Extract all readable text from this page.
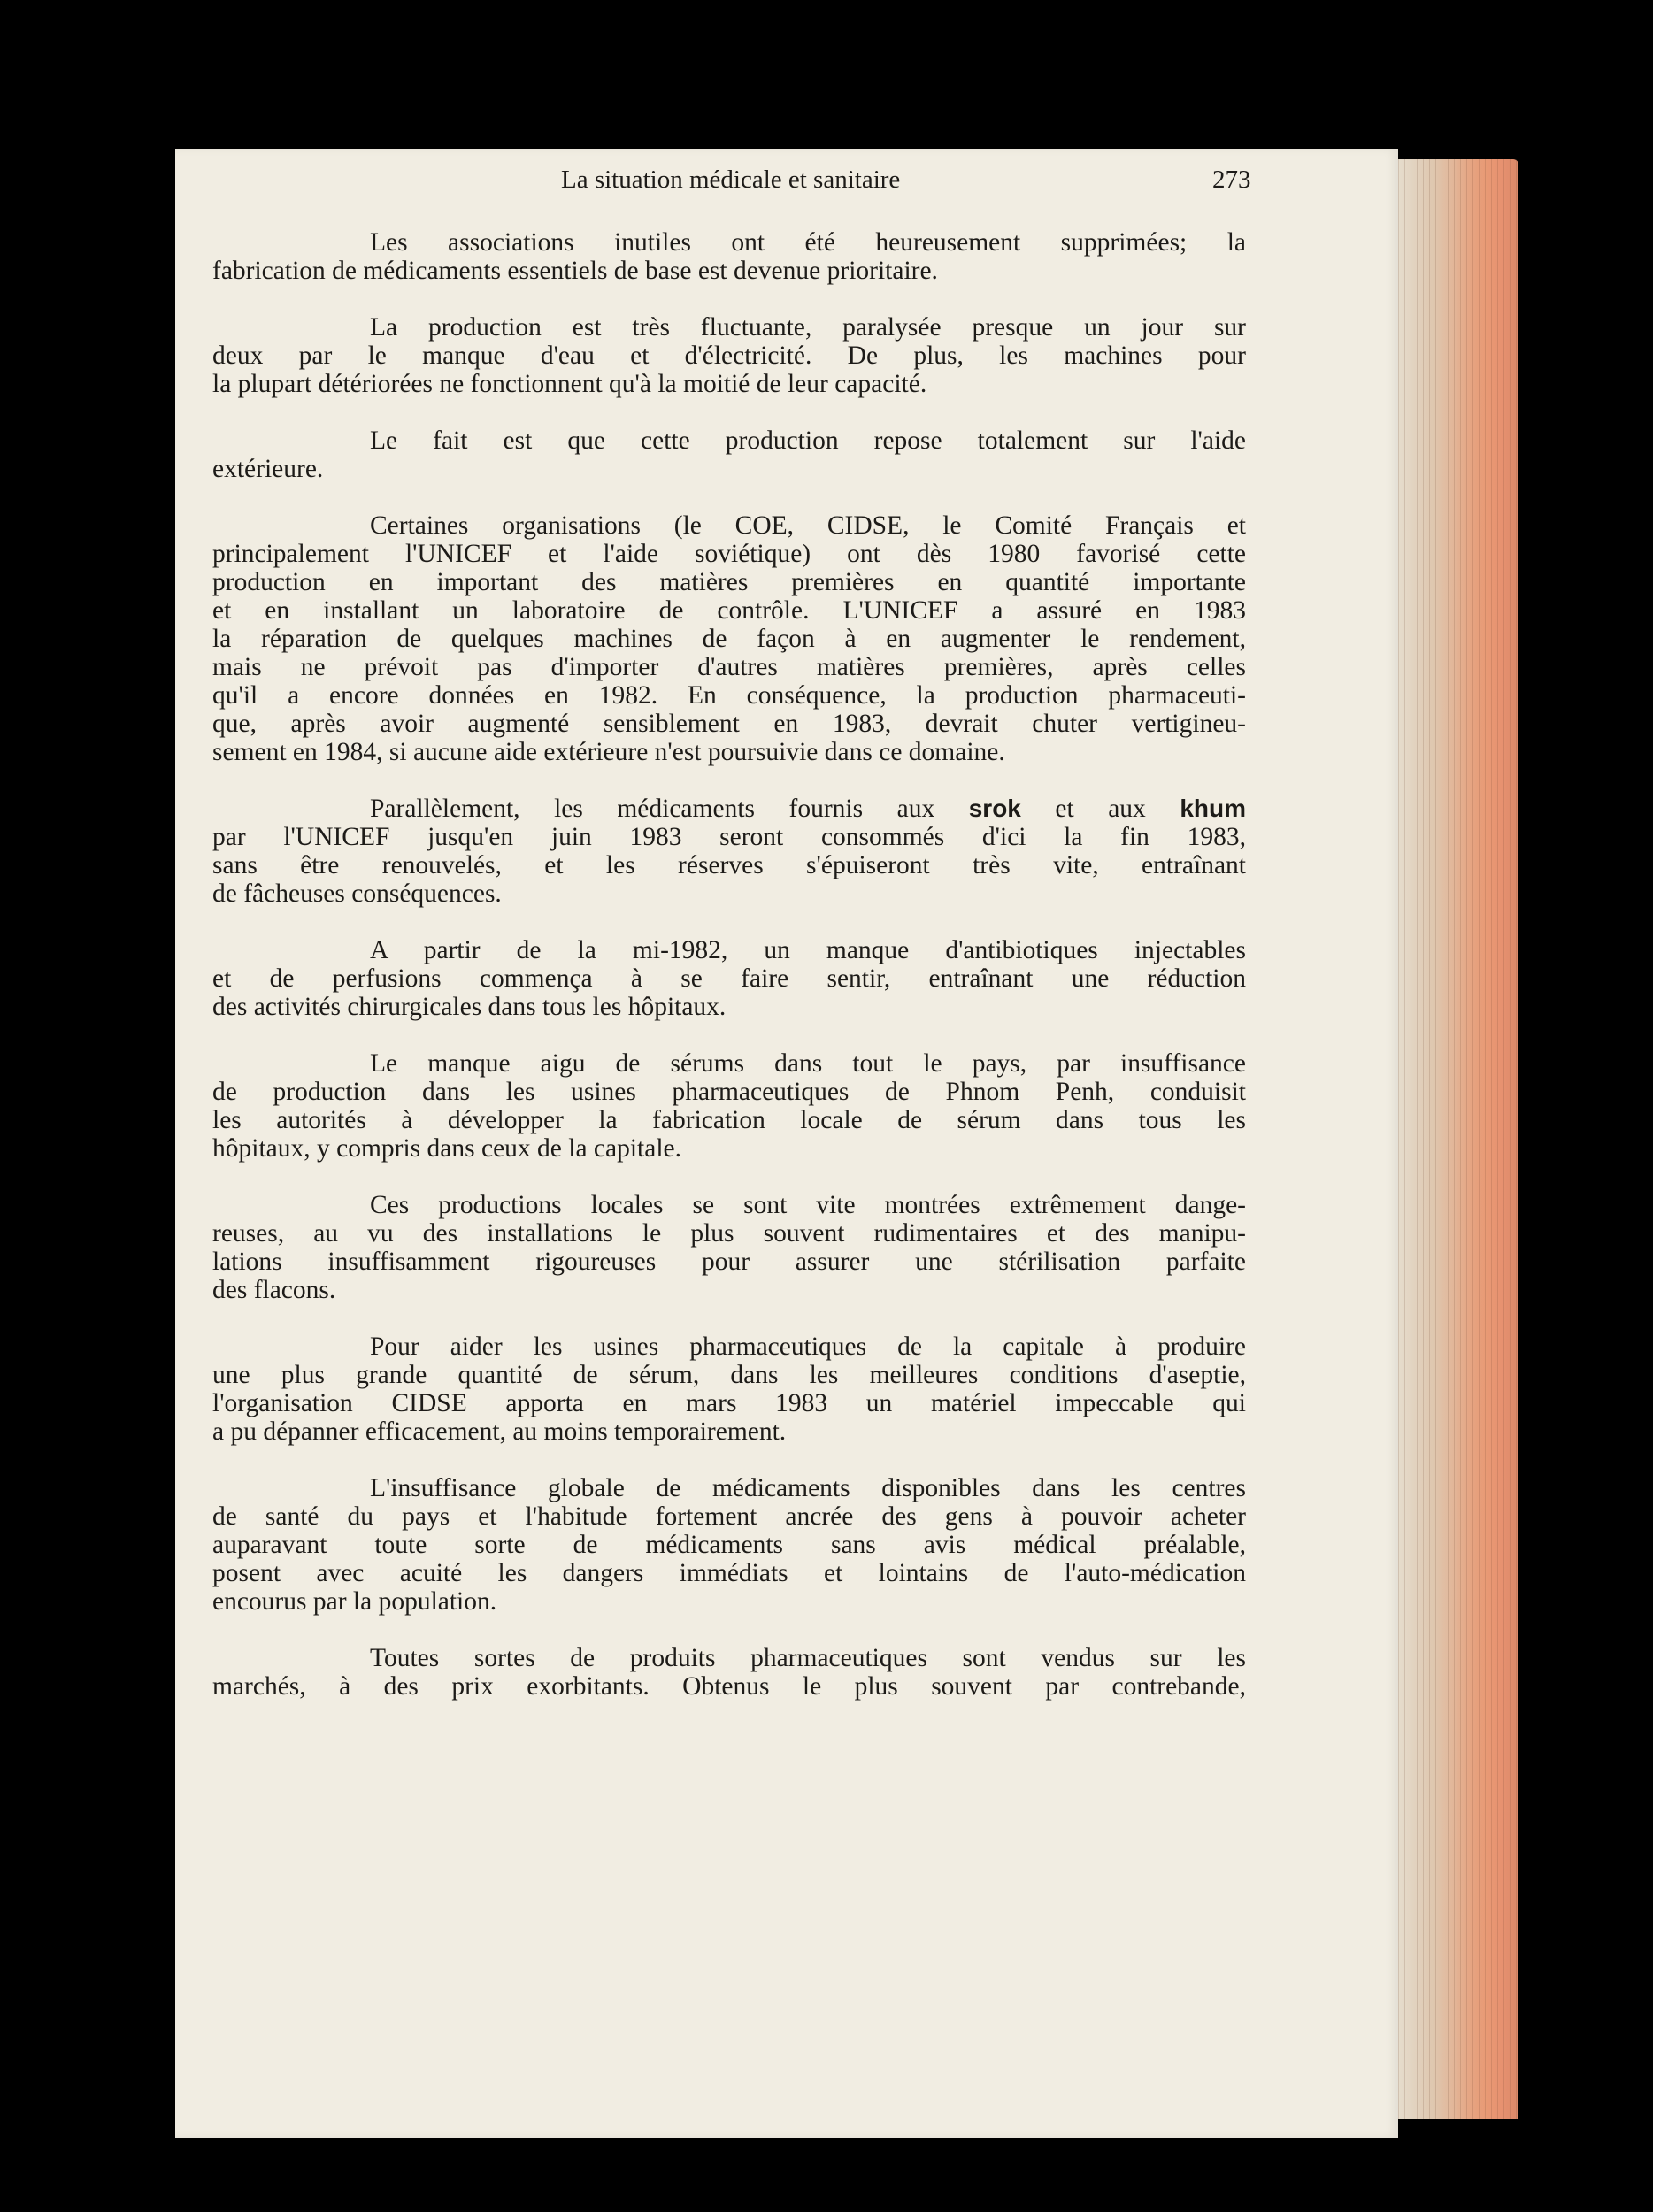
La situation médicale et sanitaire	273
Les associations inutiles ont été heureusement supprimées; la
fabrication de médicaments essentiels de base est devenue prioritaire.
La production est très fluctuante, paralysée presque un jour sur
deux par le manque d'eau et d'électricité. De plus, les machines pour
la plupart détériorées ne fonctionnent qu'à la moitié de leur capacité.
Le fait est que cette production repose totalement sur l'aide
extérieure.
Certaines organisations (le COE, CIDSE, le Comité Français et
principalement l'UNICEF et l'aide soviétique) ont dès 1980 favorisé cette
production en important des matières premières en quantité importante
et en installant un laboratoire de contrôle. L'UNICEF a assuré en 1983
la réparation de quelques machines de façon à en augmenter le rendement,
mais ne prévoit pas d'importer d'autres matières premières, après celles
qu'il a encore données en 1982. En conséquence, la production pharmaceuti-
que, après avoir augmenté sensiblement en 1983, devrait chuter vertigineu-
sement en 1984, si aucune aide extérieure n'est poursuivie dans ce domaine.
Parallèlement, les médicaments fournis aux srok et aux khum
par l'UNICEF jusqu'en juin 1983 seront consommés d'ici la fin 1983,
sans être renouvelés, et les réserves s'épuiseront très vite, entraînant
de fâcheuses conséquences.
A partir de la mi-1982, un manque d'antibiotiques injectables
et de perfusions commença à se faire sentir, entraînant une réduction
des activités chirurgicales dans tous les hôpitaux.
Le manque aigu de sérums dans tout le pays, par insuffisance
de production dans les usines pharmaceutiques de Phnom Penh, conduisit
les autorités à développer la fabrication locale de sérum dans tous les
hôpitaux, y compris dans ceux de la capitale.
Ces productions locales se sont vite montrées extrêmement dange-
reuses, au vu des installations le plus souvent rudimentaires et des manipu-
lations insuffisamment rigoureuses pour assurer une stérilisation parfaite
des flacons.
Pour aider les usines pharmaceutiques de la capitale à produire
une plus grande quantité de sérum, dans les meilleures conditions d'aseptie,
l'organisation CIDSE apporta en mars 1983 un matériel impeccable qui
a pu dépanner efficacement, au moins temporairement.
L'insuffisance globale de médicaments disponibles dans les centres
de santé du pays et l'habitude fortement ancrée des gens à pouvoir acheter
auparavant toute sorte de médicaments sans avis médical préalable,
posent avec acuité les dangers immédiats et lointains de l'auto-médication
encourus par la population.
Toutes sortes de produits pharmaceutiques sont vendus sur les
marchés, à des prix exorbitants. Obtenus le plus souvent par contrebande,
